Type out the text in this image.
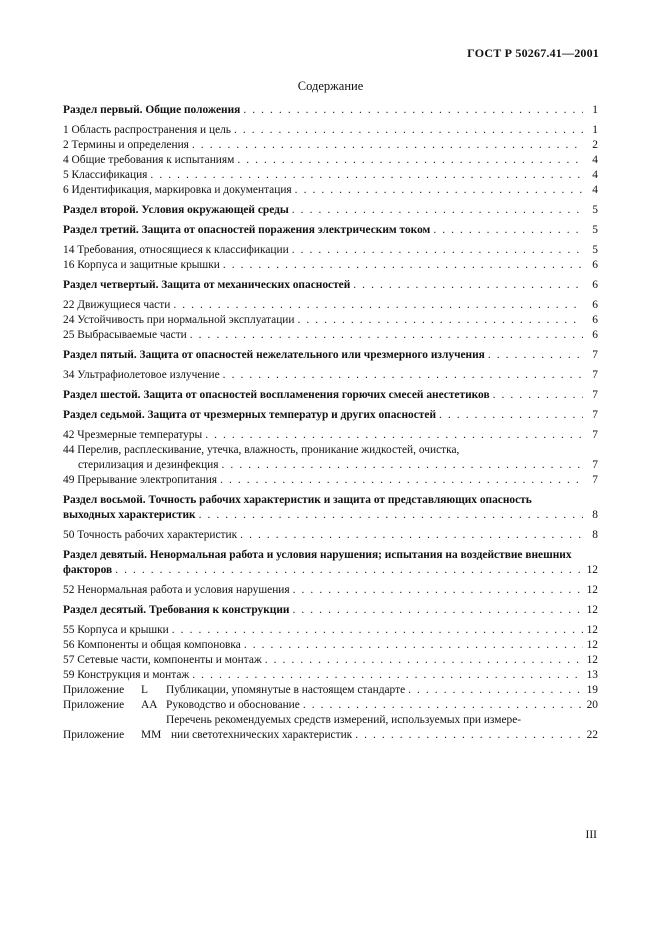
ГОСТ Р 50267.41—2001
Содержание
Раздел первый. Общие положения . . .	1
1 Область распространения и цель . . .	1
2 Термины и определения . . .	2
4 Общие требования к испытаниям . . .	4
5 Классификация . . .	4
6 Идентификация, маркировка и документация . . .	4
Раздел второй. Условия окружающей среды . . .	5
Раздел третий. Защита от опасностей поражения электрическим током . . .	5
14 Требования, относящиеся к классификации . . .	5
16 Корпуса и защитные крышки . . .	6
Раздел четвертый. Защита от механических опасностей . . .	6
22 Движущиеся части . . .	6
24 Устойчивость при нормальной эксплуатации . . .	6
25 Выбрасываемые части . . .	6
Раздел пятый. Защита от опасностей нежелательного или чрезмерного излучения . . .	7
34 Ультрафиолетовое излучение . . .	7
Раздел шестой. Защита от опасностей воспламенения горючих смесей анестетиков . . .	7
Раздел седьмой. Защита от чрезмерных температур и других опасностей . . .	7
42 Чрезмерные температуры . . .	7
44 Перелив, расплескивание, утечка, влажность, проникание жидкостей, очистка,
стерилизация и дезинфекция . . .	7
49 Прерывание электропитания . . .	7
Раздел восьмой. Точность рабочих характеристик и защита от представляющих опасность
выходных характеристик . . .	8
50 Точность рабочих характеристик . . .	8
Раздел девятый. Ненормальная работа и условия нарушения; испытания на воздействие внешних
факторов . . .	12
52 Ненормальная работа и условия нарушения . . .	12
Раздел десятый. Требования к конструкции . . .	12
55 Корпуса и крышки . . .	12
56 Компоненты и общая компоновка . . .	12
57 Сетевые части, компоненты и монтаж . . .	12
59 Конструкция и монтаж . . .	13
Приложение L	Публикации, упомянутые в настоящем стандарте . . .	19
Приложение AA Руководство и обоснование . . .	20
Приложение MM
Перечень рекомендуемых средств измерений, используемых при измере-
нии светотехнических характеристик . . .	22
III
